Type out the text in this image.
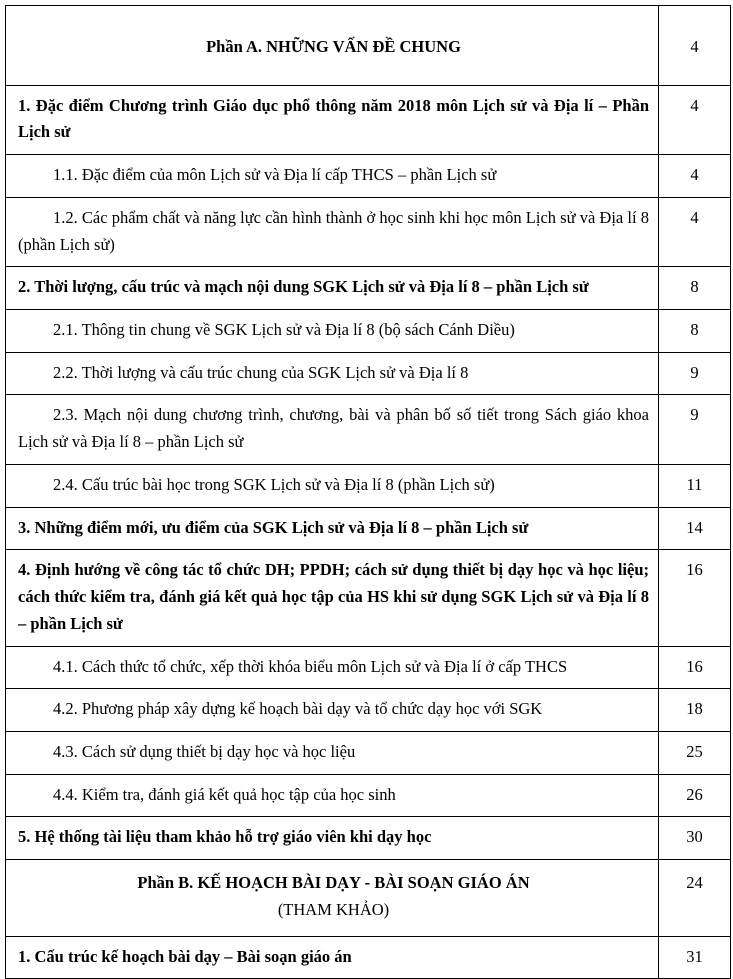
Phần A. NHỮNG VẤN ĐỀ CHUNG	4

1. Đặc điểm Chương trình Giáo dục phổ thông năm 2018 môn Lịch sử và Địa lí – Phần Lịch sử	4

1.1. Đặc điểm của môn Lịch sử và Địa lí cấp THCS – phần Lịch sử	4

1.2. Các phẩm chất và năng lực cần hình thành ở học sinh khi học môn Lịch sử và Địa lí 8 (phần Lịch sử)	4

2. Thời lượng, cấu trúc và mạch nội dung SGK Lịch sử và Địa lí 8 – phần Lịch sử	8

2.1. Thông tin chung về SGK Lịch sử và Địa lí 8 (bộ sách Cánh Diều)	8

2.2. Thời lượng và cấu trúc chung của SGK Lịch sử và Địa lí 8	9

2.3. Mạch nội dung chương trình, chương, bài và phân bố số tiết trong Sách giáo khoa Lịch sử và Địa lí 8 – phần Lịch sử	9

2.4. Cấu trúc bài học trong SGK Lịch sử và Địa lí 8 (phần Lịch sử)	11

3. Những điểm mới, ưu điểm của SGK Lịch sử và Địa lí 8 – phần Lịch sử	14

4. Định hướng về công tác tổ chức DH; PPDH; cách sử dụng thiết bị dạy học và học liệu; cách thức kiểm tra, đánh giá kết quả học tập của HS khi sử dụng SGK Lịch sử và Địa lí 8 – phần Lịch sử	16

4.1. Cách thức tổ chức, xếp thời khóa biểu môn Lịch sử và Địa lí ở cấp THCS	16

4.2. Phương pháp xây dựng kế hoạch bài dạy và tổ chức dạy học với SGK	18

4.3. Cách sử dụng thiết bị dạy học và học liệu	25

4.4. Kiểm tra, đánh giá kết quả học tập của học sinh	26

5. Hệ thống tài liệu tham khảo hỗ trợ giáo viên khi dạy học	30

Phần B. KẾ HOẠCH BÀI DẠY - BÀI SOẠN GIÁO ÁN
(THAM KHẢO)	24

1. Cấu trúc kế hoạch bài dạy – Bài soạn giáo án	31
